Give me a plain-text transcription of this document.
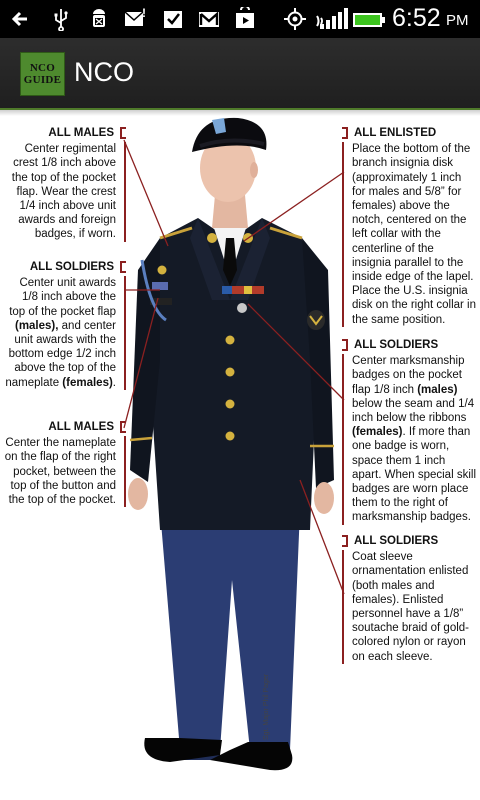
!	6:52 PM
NCO
GUIDE NCO
ALL MALES
Center regimental crest 1/8 inch above the top of the pocket flap. Wear the crest 1/4 inch above unit awards and foreign badges, if worn.
ALL SOLDIERS
Center unit awards 1/8 inch above the top of the pocket flap (males), and center unit awards with the bottom edge 1/2 inch above the top of the nameplate (females).
ALL MALES
Center the nameplate on the flap of the right pocket, between the top of the button and the top of the pocket.
ALL ENLISTED
Place the bottom of the branch insignia disk (approximately 1 inch for males and 5/8” for females) above the notch, centered on the left collar with the centerline of the insignia parallel to the inside edge of the lapel. Place the U.S. insignia disk on the right collar in the same position.
ALL SOLDIERS
Center marksmanship badges on the pocket flap 1/8 inch (males) below the seam and 1/4 inch below the ribbons (females). If more than one badge is worn, space them 1 inch apart. When special skill badges are worn place them to the right of marksmanship badges.
ALL SOLDIERS
Coat sleeve ornamentation enlisted (both males and females). Enlisted personnel have a 1/8” soutache braid of gold-colored nylon or rayon on each sleeve.
Sgt. Major Phil Pager
